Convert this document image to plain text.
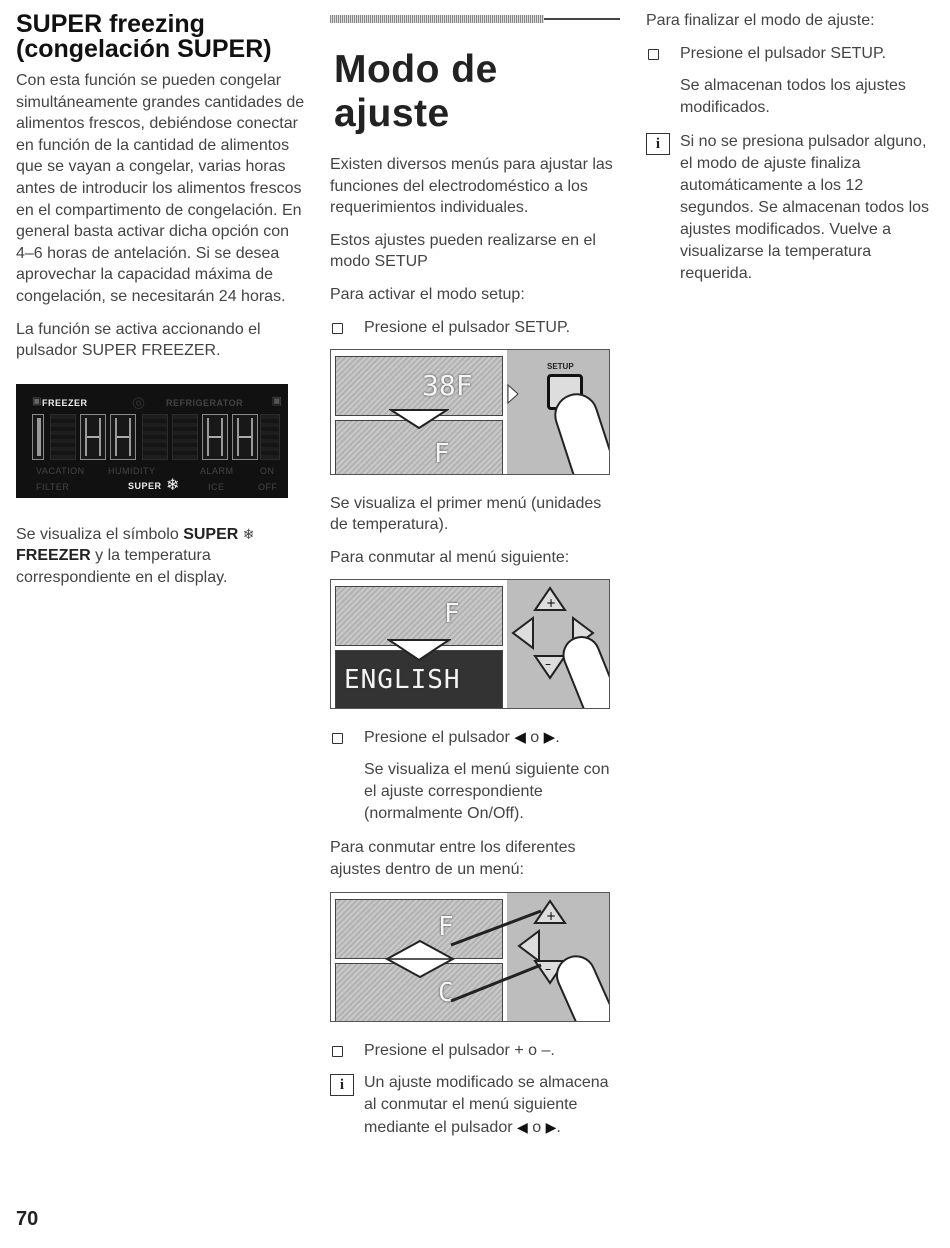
SUPER freezing (congelación SUPER)

Con esta función se pueden congelar simultáneamente grandes cantidades de alimentos frescos, debiéndose conectar en función de la cantidad de alimentos que se vayan a congelar, varias horas antes de introducir los alimentos frescos en el compartimento de congelación. En general basta activar dicha opción con 4–6 horas de antelación. Si se desea aprovechar la capacidad máxima de congelación, se necesitarán 24 horas.

La función se activa accionando el pulsador SUPER FREEZER.

FREEZER	REFRIGERATOR
▣	◎	▣
VACATION	HUMIDITY	ALARM	ON
FILTER	SUPER ❄	ICE	OFF

Se visualiza el símbolo SUPER ❄
FREEZER y la temperatura correspondiente en el display.

Modo de ajuste

Existen diversos menús para ajustar las funciones del electrodoméstico a los requerimientos individuales.

Estos ajustes pueden realizarse en el modo SETUP

Para activar el modo setup:

Presione el pulsador SETUP.
38F
F
SETUP

Se visualiza el primer menú (unidades de temperatura).

Para conmutar al menú siguiente:

F
ENGLISH
+
–
Presione el pulsador ◀ o ▶.
Se visualiza el menú siguiente con el ajuste correspondiente (normalmente On/Off).

Para conmutar entre los diferentes ajustes dentro de un menú:

F
C
+
–
Presione el pulsador + o –.
i	Un ajuste modificado se almacena al conmutar el menú siguiente mediante el pulsador ◀ o ▶.

Para finalizar el modo de ajuste:

Presione el pulsador SETUP.
Se almacenan todos los ajustes modificados.
i	Si no se presiona pulsador alguno, el modo de ajuste finaliza automáticamente a los 12 segundos. Se almacenan todos los ajustes modificados. Vuelve a visualizarse la temperatura requerida.
70
